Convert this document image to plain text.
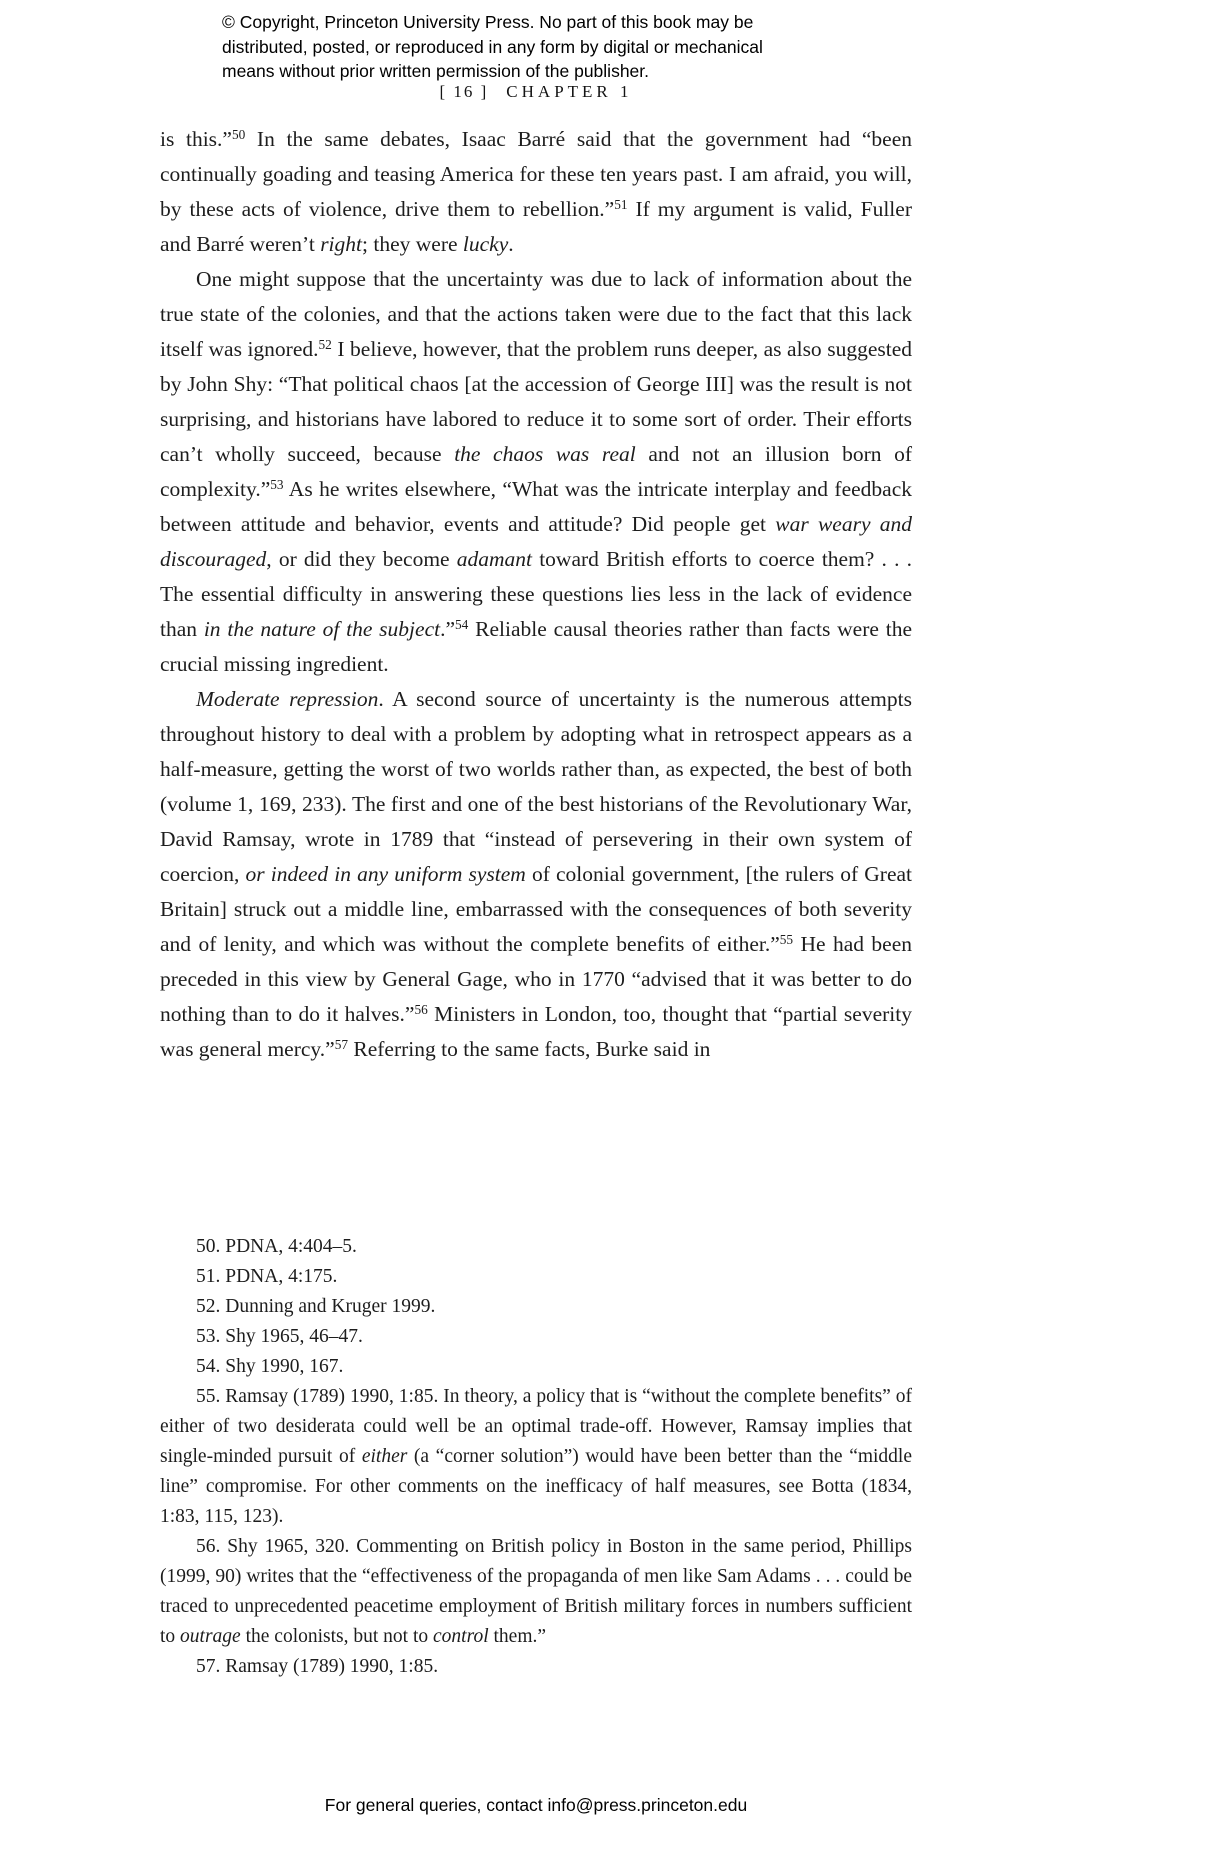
© Copyright, Princeton University Press. No part of this book may be
distributed, posted, or reproduced in any form by digital or mechanical
means without prior written permission of the publisher.
[ 16 ] CHAPTER 1

is this.”$^{50}$ In the same debates, Isaac Barré said that the government had “been continually goading and teasing America for these ten years past. I am afraid, you will, by these acts of violence, drive them to rebellion.”$^{51}$ If my argument is valid, Fuller and Barré weren’t right; they were lucky.

One might suppose that the uncertainty was due to lack of information about the true state of the colonies, and that the actions taken were due to the fact that this lack itself was ignored.$^{52}$ I believe, however, that the problem runs deeper, as also suggested by John Shy: “That political chaos [at the accession of George III] was the result is not surprising, and historians have labored to reduce it to some sort of order. Their efforts can’t wholly succeed, because the chaos was real and not an illusion born of complexity.”$^{53}$ As he writes elsewhere, “What was the intricate interplay and feedback between attitude and behavior, events and attitude? Did people get war weary and discouraged, or did they become adamant toward British efforts to coerce them? . . . The essential difficulty in answering these questions lies less in the lack of evidence than in the nature of the subject.”$^{54}$ Reliable causal theories rather than facts were the crucial missing ingredient.

Moderate repression. A second source of uncertainty is the numerous attempts throughout history to deal with a problem by adopting what in retrospect appears as a half-measure, getting the worst of two worlds rather than, as expected, the best of both (volume 1, 169, 233). The first and one of the best historians of the Revolutionary War, David Ramsay, wrote in 1789 that “instead of persevering in their own system of coercion, or indeed in any uniform system of colonial government, [the rulers of Great Britain] struck out a middle line, embarrassed with the consequences of both severity and of lenity, and which was without the complete benefits of either.”$^{55}$ He had been preceded in this view by General Gage, who in 1770 “advised that it was better to do nothing than to do it halves.”$^{56}$ Ministers in London, too, thought that “partial severity was general mercy.”$^{57}$ Referring to the same facts, Burke said in

50. PDNA, 4:404–5.

51. PDNA, 4:175.

52. Dunning and Kruger 1999.

53. Shy 1965, 46–47.

54. Shy 1990, 167.

55. Ramsay (1789) 1990, 1:85. In theory, a policy that is “without the complete benefits” of either of two desiderata could well be an optimal trade-off. However, Ramsay implies that single-minded pursuit of either (a “corner solution”) would have been better than the “middle line” compromise. For other comments on the inefficacy of half measures, see Botta (1834, 1:83, 115, 123).

56. Shy 1965, 320. Commenting on British policy in Boston in the same period, Phillips (1999, 90) writes that the “effectiveness of the propaganda of men like Sam Adams . . . could be traced to unprecedented peacetime employment of British military forces in numbers sufficient to outrage the colonists, but not to control them.”

57. Ramsay (1789) 1990, 1:85.

For general queries, contact info@press.princeton.edu
